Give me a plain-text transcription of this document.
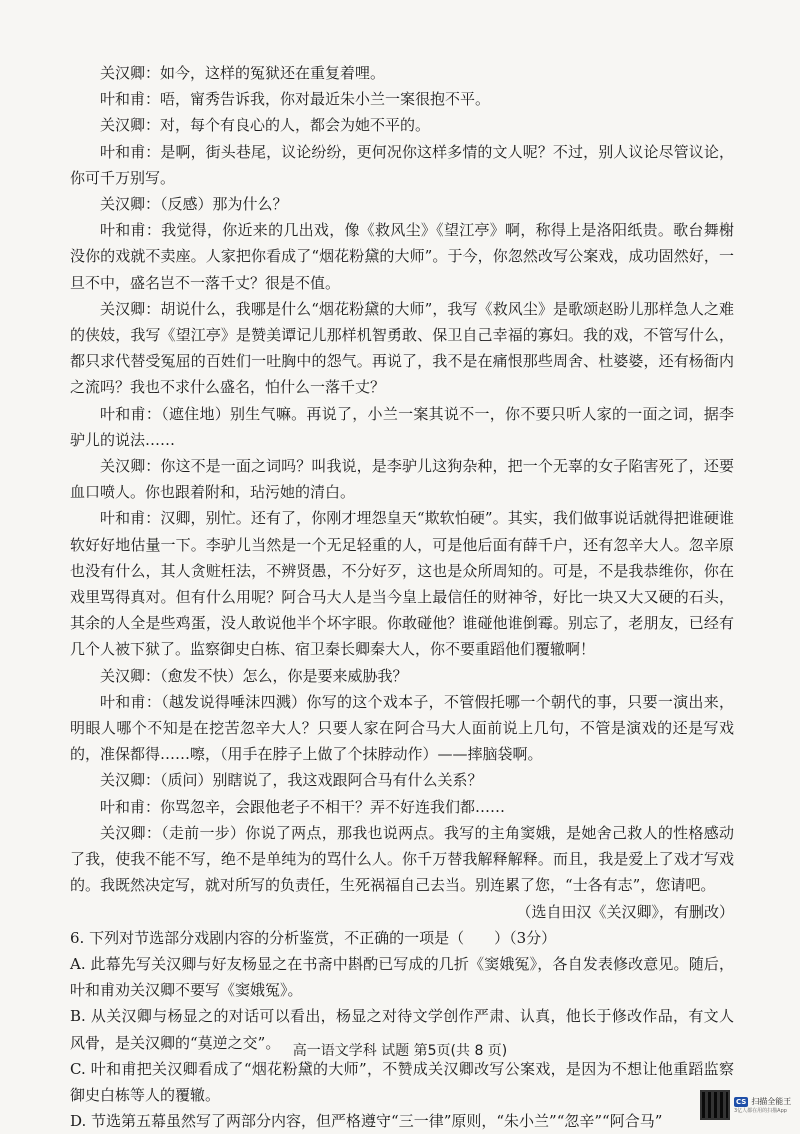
关汉卿：如今，这样的冤狱还在重复着哩。

叶和甫：唔，甯秀告诉我，你对最近朱小兰一案很抱不平。

关汉卿：对，每个有良心的人，都会为她不平的。

叶和甫：是啊，街头巷尾，议论纷纷，更何况你这样多情的文人呢？不过，别人议论尽管议论，你可千万别写。

关汉卿：（反感）那为什么？

叶和甫：我觉得，你近来的几出戏，像《救风尘》《望江亭》啊，称得上是洛阳纸贵。歌台舞榭没你的戏就不卖座。人家把你看成了“烟花粉黛的大师”。于今，你忽然改写公案戏，成功固然好，一旦不中，盛名岂不一落千丈？很是不值。

关汉卿：胡说什么，我哪是什么“烟花粉黛的大师”，我写《救风尘》是歌颂赵盼儿那样急人之难的侠妓，我写《望江亭》是赞美谭记儿那样机智勇敢、保卫自己幸福的寡妇。我的戏，不管写什么，都只求代替受冤屈的百姓们一吐胸中的怨气。再说了，我不是在痛恨那些周舍、杜婆婆，还有杨衙内之流吗？我也不求什么盛名，怕什么一落千丈？

叶和甫：（遮住地）别生气嘛。再说了，小兰一案其说不一，你不要只听人家的一面之词，据李驴儿的说法……

关汉卿：你这不是一面之词吗？叫我说，是李驴儿这狗杂种，把一个无辜的女子陷害死了，还要血口喷人。你也跟着附和，玷污她的清白。

叶和甫：汉卿，别忙。还有了，你刚才埋怨皇天“欺软怕硬”。其实，我们做事说话就得把谁硬谁软好好地估量一下。李驴儿当然是一个无足轻重的人，可是他后面有薛千户，还有忽辛大人。忽辛原也没有什么，其人贪赃枉法，不辨贤愚，不分好歹，这也是众所周知的。可是，不是我恭维你，你在戏里骂得真对。但有什么用呢？阿合马大人是当今皇上最信任的财神爷，好比一块又大又硬的石头，其余的人全是些鸡蛋，没人敢说他半个坏字眼。你敢碰他？谁碰他谁倒霉。别忘了，老朋友，已经有几个人被下狱了。监察御史白栋、宿卫秦长卿秦大人，你不要重蹈他们覆辙啊！

关汉卿：（愈发不快）怎么，你是要来威胁我？

叶和甫：（越发说得唾沫四溅）你写的这个戏本子，不管假托哪一个朝代的事，只要一演出来，明眼人哪个不知是在挖苦忽辛大人？只要人家在阿合马大人面前说上几句，不管是演戏的还是写戏的，准保都得……嚓，（用手在脖子上做了个抹脖动作）——摔脑袋啊。

关汉卿：（质问）别瞎说了，我这戏跟阿合马有什么关系？

叶和甫：你骂忽辛，会跟他老子不相干？弄不好连我们都……

关汉卿：（走前一步）你说了两点，那我也说两点。我写的主角窦娥，是她舍己救人的性格感动了我，使我不能不写，绝不是单纯为的骂什么人。你千万替我解释解释。而且，我是爱上了戏才写戏的。我既然决定写，就对所写的负责任，生死祸福自己去当。别连累了您，“士各有志”，您请吧。

（选自田汉《关汉卿》，有删改）

6. 下列对节选部分戏剧内容的分析鉴赏，不正确的一项是（　　）（3分）

A. 此幕先写关汉卿与好友杨显之在书斋中斟酌已写成的几折《窦娥冤》，各自发表修改意见。随后，叶和甫劝关汉卿不要写《窦娥冤》。

B. 从关汉卿与杨显之的对话可以看出，杨显之对待文学创作严肃、认真，他长于修改作品，有文人风骨，是关汉卿的“莫逆之交”。

C. 叶和甫把关汉卿看成了“烟花粉黛的大师”，不赞成关汉卿改写公案戏，是因为不想让他重蹈监察御史白栋等人的覆辙。

D. 节选第五幕虽然写了两部分内容，但严格遵守“三一律”原则，“朱小兰”“忽辛”“阿合马”

高一语文学科 试题 第5页(共 8 页)
CS 扫描全能王
3亿人都在用的扫描App
